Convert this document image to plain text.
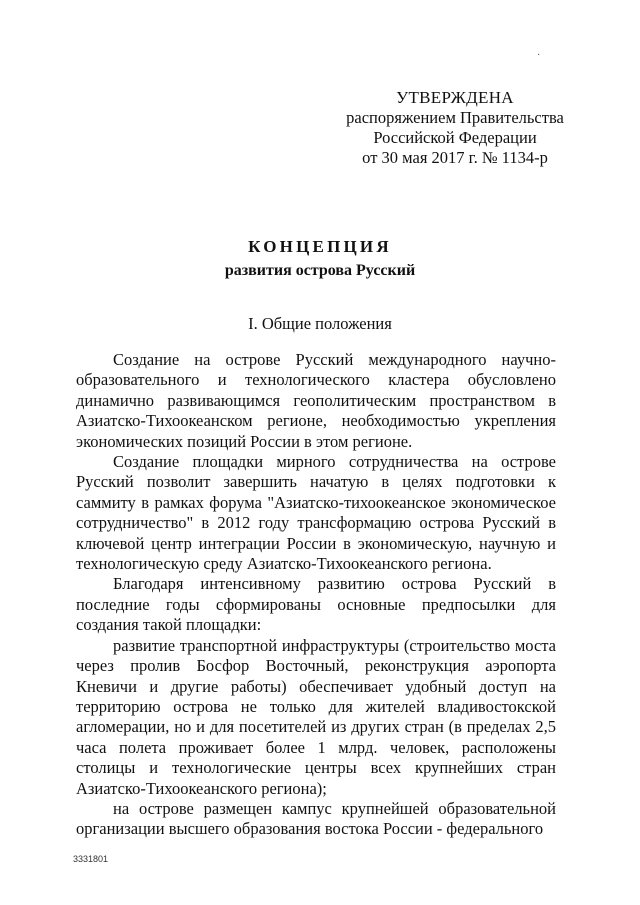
·
УТВЕРЖДЕНА
распоряжением Правительства
Российской Федерации
от 30 мая 2017 г. № 1134-р
КОНЦЕПЦИЯ
развития острова Русский
I. Общие положения

Создание на острове Русский международного научно-образовательного и технологического кластера обусловлено динамично развивающимся геополитическим пространством в Азиатско-Тихоокеанском регионе, необходимостью укрепления экономических позиций России в этом регионе.

Создание площадки мирного сотрудничества на острове Русский позволит завершить начатую в целях подготовки к саммиту в рамках форума "Азиатско-тихоокеанское экономическое сотрудничество" в 2012 году трансформацию острова Русский в ключевой центр интеграции России в экономическую, научную и технологическую среду Азиатско-Тихоокеанского региона.

Благодаря интенсивному развитию острова Русский в последние годы сформированы основные предпосылки для создания такой площадки:

развитие транспортной инфраструктуры (строительство моста через пролив Босфор Восточный, реконструкция аэропорта Кневичи и другие работы) обеспечивает удобный доступ на территорию острова не только для жителей владивостокской агломерации, но и для посетителей из других стран (в пределах 2,5 часа полета проживает более 1 млрд. человек, расположены столицы и технологические центры всех крупнейших стран Азиатско-Тихоокеанского региона);

на острове размещен кампус крупнейшей образовательной организации высшего образования востока России - федерального

3331801
